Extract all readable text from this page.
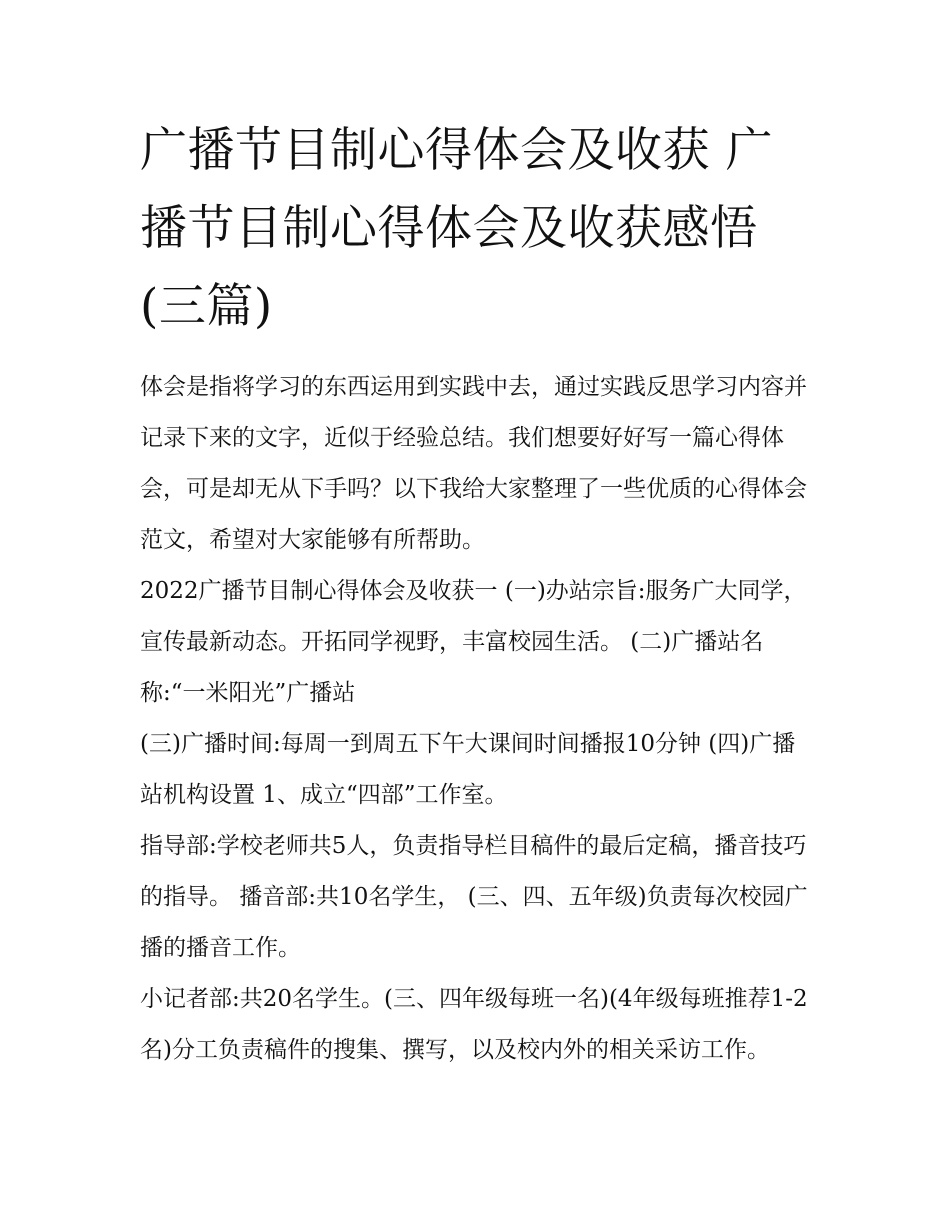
广播节目制心得体会及收获 广播节目制心得体会及收获感悟(三篇)

体会是指将学习的东西运用到实践中去，通过实践反思学习内容并记录下来的文字，近似于经验总结。我们想要好好写一篇心得体会，可是却无从下手吗？以下我给大家整理了一些优质的心得体会范文，希望对大家能够有所帮助。

2022广播节目制心得体会及收获一 (一)办站宗旨:服务广大同学，宣传最新动态。开拓同学视野，丰富校园生活。 (二)广播站名称:“一米阳光”广播站

(三)广播时间:每周一到周五下午大课间时间播报10分钟 (四)广播站机构设置 1、成立“四部”工作室。

指导部:学校老师共5人，负责指导栏目稿件的最后定稿，播音技巧的指导。 播音部:共10名学生， (三、四、五年级)负责每次校园广播的播音工作。

小记者部:共20名学生。(三、四年级每班一名)(4年级每班推荐1-2名)分工负责稿件的搜集、撰写，以及校内外的相关采访工作。
